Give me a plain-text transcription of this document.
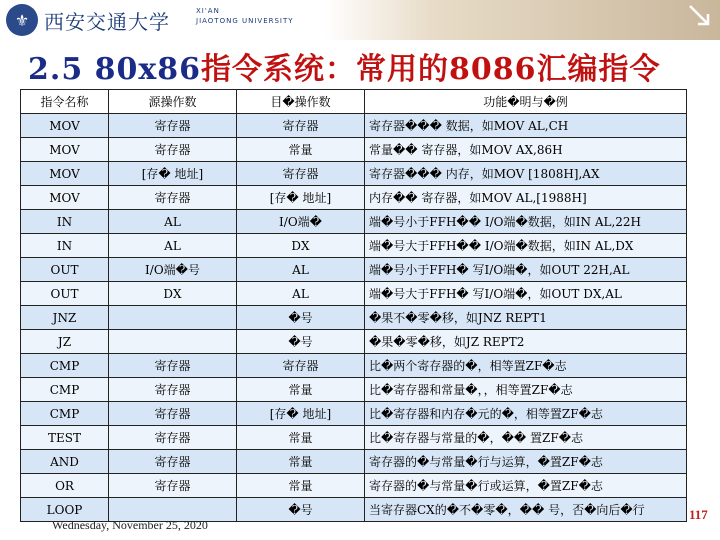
⚜ 西安交通大学	XI'AN
JIAOTONG UNIVERSITY
2.5 80x86指令系统：常用的8086汇编指令
指令名称	源操作数	目�操作数	功能�明与�例
MOV	寄存器	寄存器	寄存器��� 数据，如MOV AL,CH
MOV	寄存器	常量	常量�� 寄存器，如MOV AX,86H
MOV	[存� 地址]	寄存器	寄存器��� 内存，如MOV [1808H],AX
MOV	寄存器	[存� 地址]	内存�� 寄存器，如MOV AL,[1988H]
IN	AL	I/O端�	端�号小于FFH�� I/O端�数据，如IN AL,22H
IN	AL	DX	端�号大于FFH�� I/O端�数据，如IN AL,DX
OUT	I/O端�号	AL	端�号小于FFH� 写I/O端�，如OUT 22H,AL
OUT	DX	AL	端�号大于FFH� 写I/O端�，如OUT DX,AL
JNZ		�号	�果不�零�移，如JNZ REPT1
JZ		�号	�果�零�移，如JZ REPT2
CMP	寄存器	寄存器	比�两个寄存器的�，相等置ZF�志
CMP	寄存器	常量	比�寄存器和常量�，，相等置ZF�志
CMP	寄存器	[存� 地址]	比�寄存器和内存�元的�，相等置ZF�志
TEST	寄存器	常量	比�寄存器与常量的�，�� 置ZF�志
AND	寄存器	常量	寄存器的�与常量�行与运算，�置ZF�志
OR	寄存器	常量	寄存器的�与常量�行或运算，�置ZF�志
LOOP		�号	当寄存器CX的�不�零�，�� 号，否�向后�行
Wednesday, November 25, 2020
117
